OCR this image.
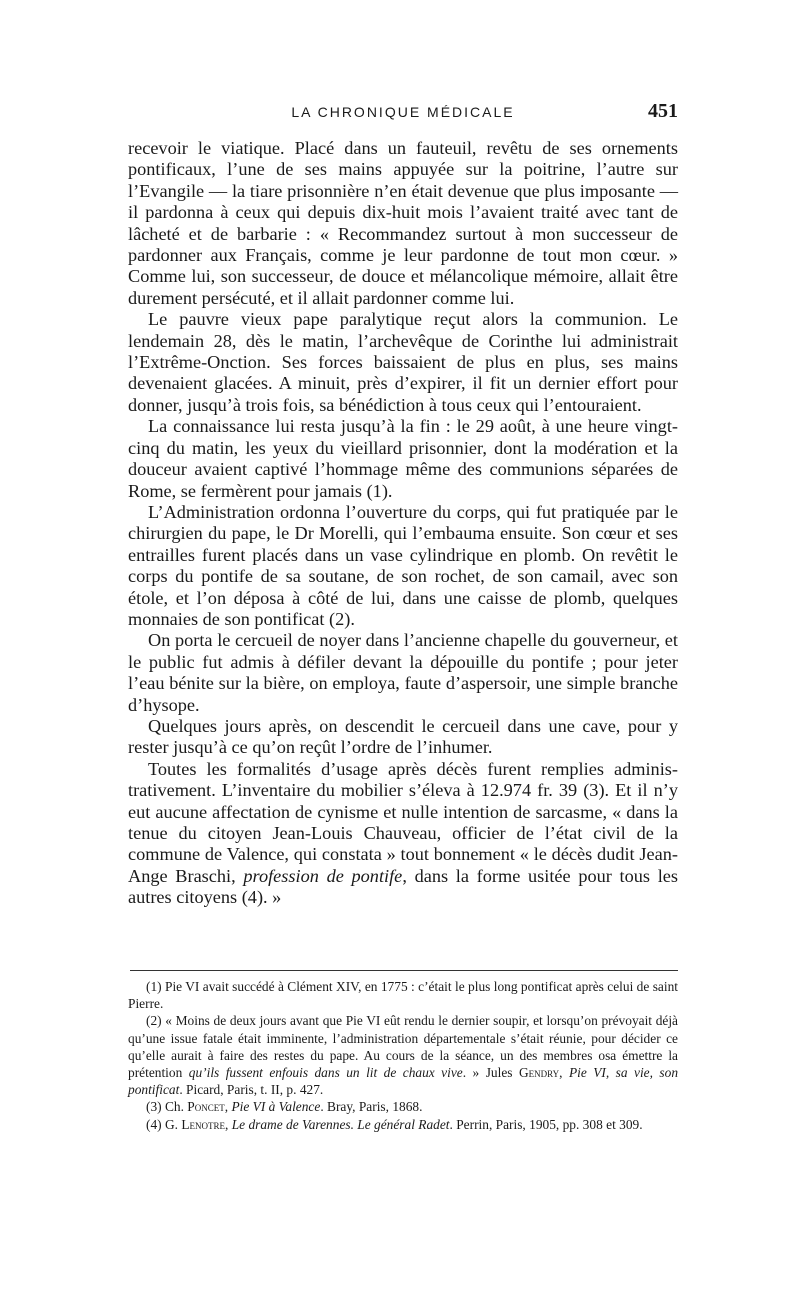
LA CHRONIQUE MÉDICALE	451

recevoir le viatique. Placé dans un fauteuil, revêtu de ses ornements pontificaux, l’une de ses mains appuyée sur la poitrine, l’autre sur l’Evangile — la tiare prisonnière n’en était devenue que plus imposante — il pardonna à ceux qui depuis dix-huit mois l’avaient traité avec tant de lâcheté et de barbarie : « Recommandez surtout à mon successeur de pardonner aux Français, comme je leur pardonne de tout mon cœur. » Comme lui, son successeur, de douce et mélancolique mémoire, allait être durement persécuté, et il allait pardonner comme lui.

Le pauvre vieux pape paralytique reçut alors la communion. Le lendemain 28, dès le matin, l’archevêque de Corinthe lui administrait l’Extrême-Onction. Ses forces baissaient de plus en plus, ses mains devenaient glacées. A minuit, près d’expirer, il fit un dernier effort pour donner, jusqu’à trois fois, sa bénédiction à tous ceux qui l’entouraient.

La connaissance lui resta jusqu’à la fin : le 29 août, à une heure vingt-cinq du matin, les yeux du vieillard prisonnier, dont la modération et la douceur avaient captivé l’hommage même des communions séparées de Rome, se fermèrent pour jamais (1).

L’Administration ordonna l’ouverture du corps, qui fut pratiquée par le chirurgien du pape, le Dr Morelli, qui l’embauma ensuite. Son cœur et ses entrailles furent placés dans un vase cylindrique en plomb. On revêtit le corps du pontife de sa soutane, de son rochet, de son camail, avec son étole, et l’on déposa à côté de lui, dans une caisse de plomb, quelques monnaies de son pontificat (2).

On porta le cercueil de noyer dans l’ancienne chapelle du gouverneur, et le public fut admis à défiler devant la dépouille du pontife ; pour jeter l’eau bénite sur la bière, on employa, faute d’aspersoir, une simple branche d’hysope.

Quelques jours après, on descendit le cercueil dans une cave, pour y rester jusqu’à ce qu’on reçût l’ordre de l’inhumer.

Toutes les formalités d’usage après décès furent remplies administrativement. L’inventaire du mobilier s’éleva à 12.974 fr. 39 (3). Et il n’y eut aucune affectation de cynisme et nulle intention de sarcasme, « dans la tenue du citoyen Jean-Louis Chauveau, officier de l’état civil de la commune de Valence, qui constata » tout bonnement « le décès dudit Jean-Ange Braschi, profession de pontife, dans la forme usitée pour tous les autres citoyens (4). »

(1) Pie VI avait succédé à Clément XIV, en 1775 : c’était le plus long pontificat après celui de saint Pierre.

(2) « Moins de deux jours avant que Pie VI eût rendu le dernier soupir, et lorsqu’on prévoyait déjà qu’une issue fatale était imminente, l’administration départementale s’était réunie, pour décider ce qu’elle aurait à faire des restes du pape. Au cours de la séance, un des membres osa émettre la prétention qu’ils fussent enfouis dans un lit de chaux vive. » Jules Gendry, Pie VI, sa vie, son pontificat. Picard, Paris, t. II, p. 427.

(3) Ch. Poncet, Pie VI à Valence. Bray, Paris, 1868.

(4) G. Lenotre, Le drame de Varennes. Le général Radet. Perrin, Paris, 1905, pp. 308 et 309.
